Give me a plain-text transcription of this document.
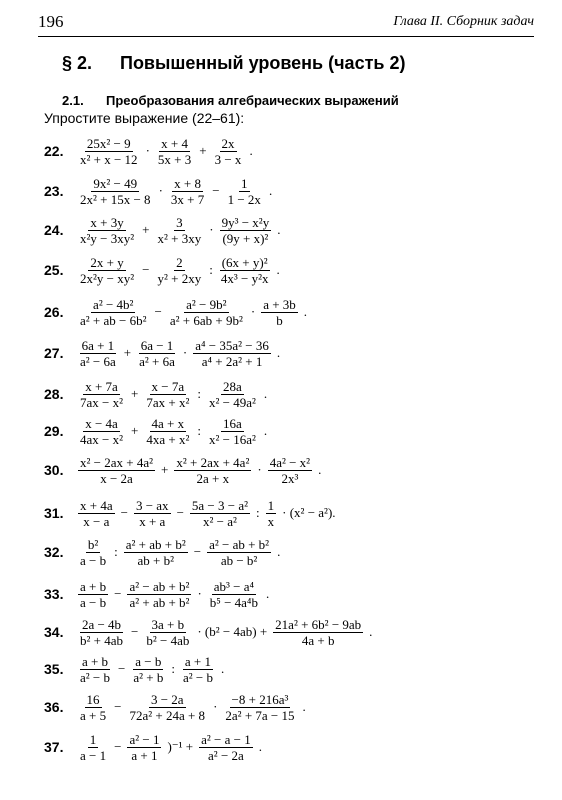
196	Глава II. Сборник задач
§ 2. Повышенный уровень (часть 2)
2.1. Преобразования алгебраических выражений
Упростите выражение (22–61):
22.	$\frac{\text{25x² − 9}}{\text{x² + x − 12}} \cdot \frac{x + 4}{5x + 3} + \frac{2x}{3 - x}$ .
23.	$\frac{\text{9x² − 49}}{\text{2x² + 15x − 8}} \cdot \frac{x + 8}{3x + 7} - \frac{1}{1 - 2x}$ .
24.	$\frac{x + 3y}{\text{x²y − 3xy²}} + \frac{3}{\text{x² + 3xy}} \cdot \frac{\text{9y³ − x²y}}{\text{(9y + x)²}}$ .
25.	$\frac{2x + y}{\text{2x²y − xy²}} - \frac{2}{\text{y² + 2xy}}$ : $\frac{\text{(6x + y)²}}{\text{4x³ − y²x}}$ .
26.	$\frac{\text{a² − 4b²}}{\text{a² + ab − 6b²}} - \frac{\text{a² − 9b²}}{\text{a² + 6ab + 9b²}} \cdot \frac{a + 3b}{b}$ .
27.	$\frac{6a + 1}{\text{a² − 6a}} + \frac{6a - 1}{\text{a² + 6a}} \cdot \frac{\text{a⁴ − 35a² − 36}}{\text{a⁴ + 2a² + 1}}$ .
28.	$\frac{x + 7a}{\text{7ax − x²}} + \frac{x - 7a}{\text{7ax + x²}}$ : $\frac{28a}{\text{x² − 49a²}}$ .
29.	$\frac{x - 4a}{\text{4ax − x²}} + \frac{4a + x}{\text{4xa + x²}}$ : $\frac{16a}{\text{x² − 16a²}}$ .
30.	$\frac{\text{x² − 2ax + 4a²}}{x - 2a} + \frac{\text{x² + 2ax + 4a²}}{2a + x} \cdot \frac{\text{4a² − x²}}{\text{2x³}}$ .
31.	$\frac{x + 4a}{x - a} - \frac{3 - ax}{x + a} - \frac{\text{5a − 3 − a²}}{\text{x² − a²}}$ : $\frac{1}{x} \cdot (x^2 - a^2)$.
32.	$\frac{\text{b²}}{a - b}$ : $\frac{\text{a² + ab + b²}}{\text{ab + b²}} - \frac{\text{a² − ab + b²}}{\text{ab − b²}}$ .
33.	$\frac{a + b}{a - b} - \frac{\text{a² − ab + b²}}{\text{a² + ab + b²}} \cdot \frac{\text{ab³ − a⁴}}{\text{b⁵ − 4a⁴b}}$ .
34.	$\frac{2a - 4b}{\text{b² + 4ab}} - \frac{3a + b}{\text{b² − 4ab}} \cdot (b^2 - 4ab) + \frac{\text{21a² + 6b² − 9ab}}{4a + b}$ .
35.	$\frac{a + b}{\text{a² − b}} - \frac{a - b}{\text{a² + b}}$ : $\frac{a + 1}{\text{a² − b}}$ .
36.	$\frac{16}{a + 5} - \frac{3 - 2a}{\text{72a² + 24a + 8}} \cdot \frac{\text{−8 + 216a³}}{\text{2a² + 7a − 15}}$ .
37.	$\frac{1}{a - 1} - \frac{\text{a² − 1}}{a + 1} )^{-1} + \frac{\text{a² − a − 1}}{\text{a² − 2a}}$ .
